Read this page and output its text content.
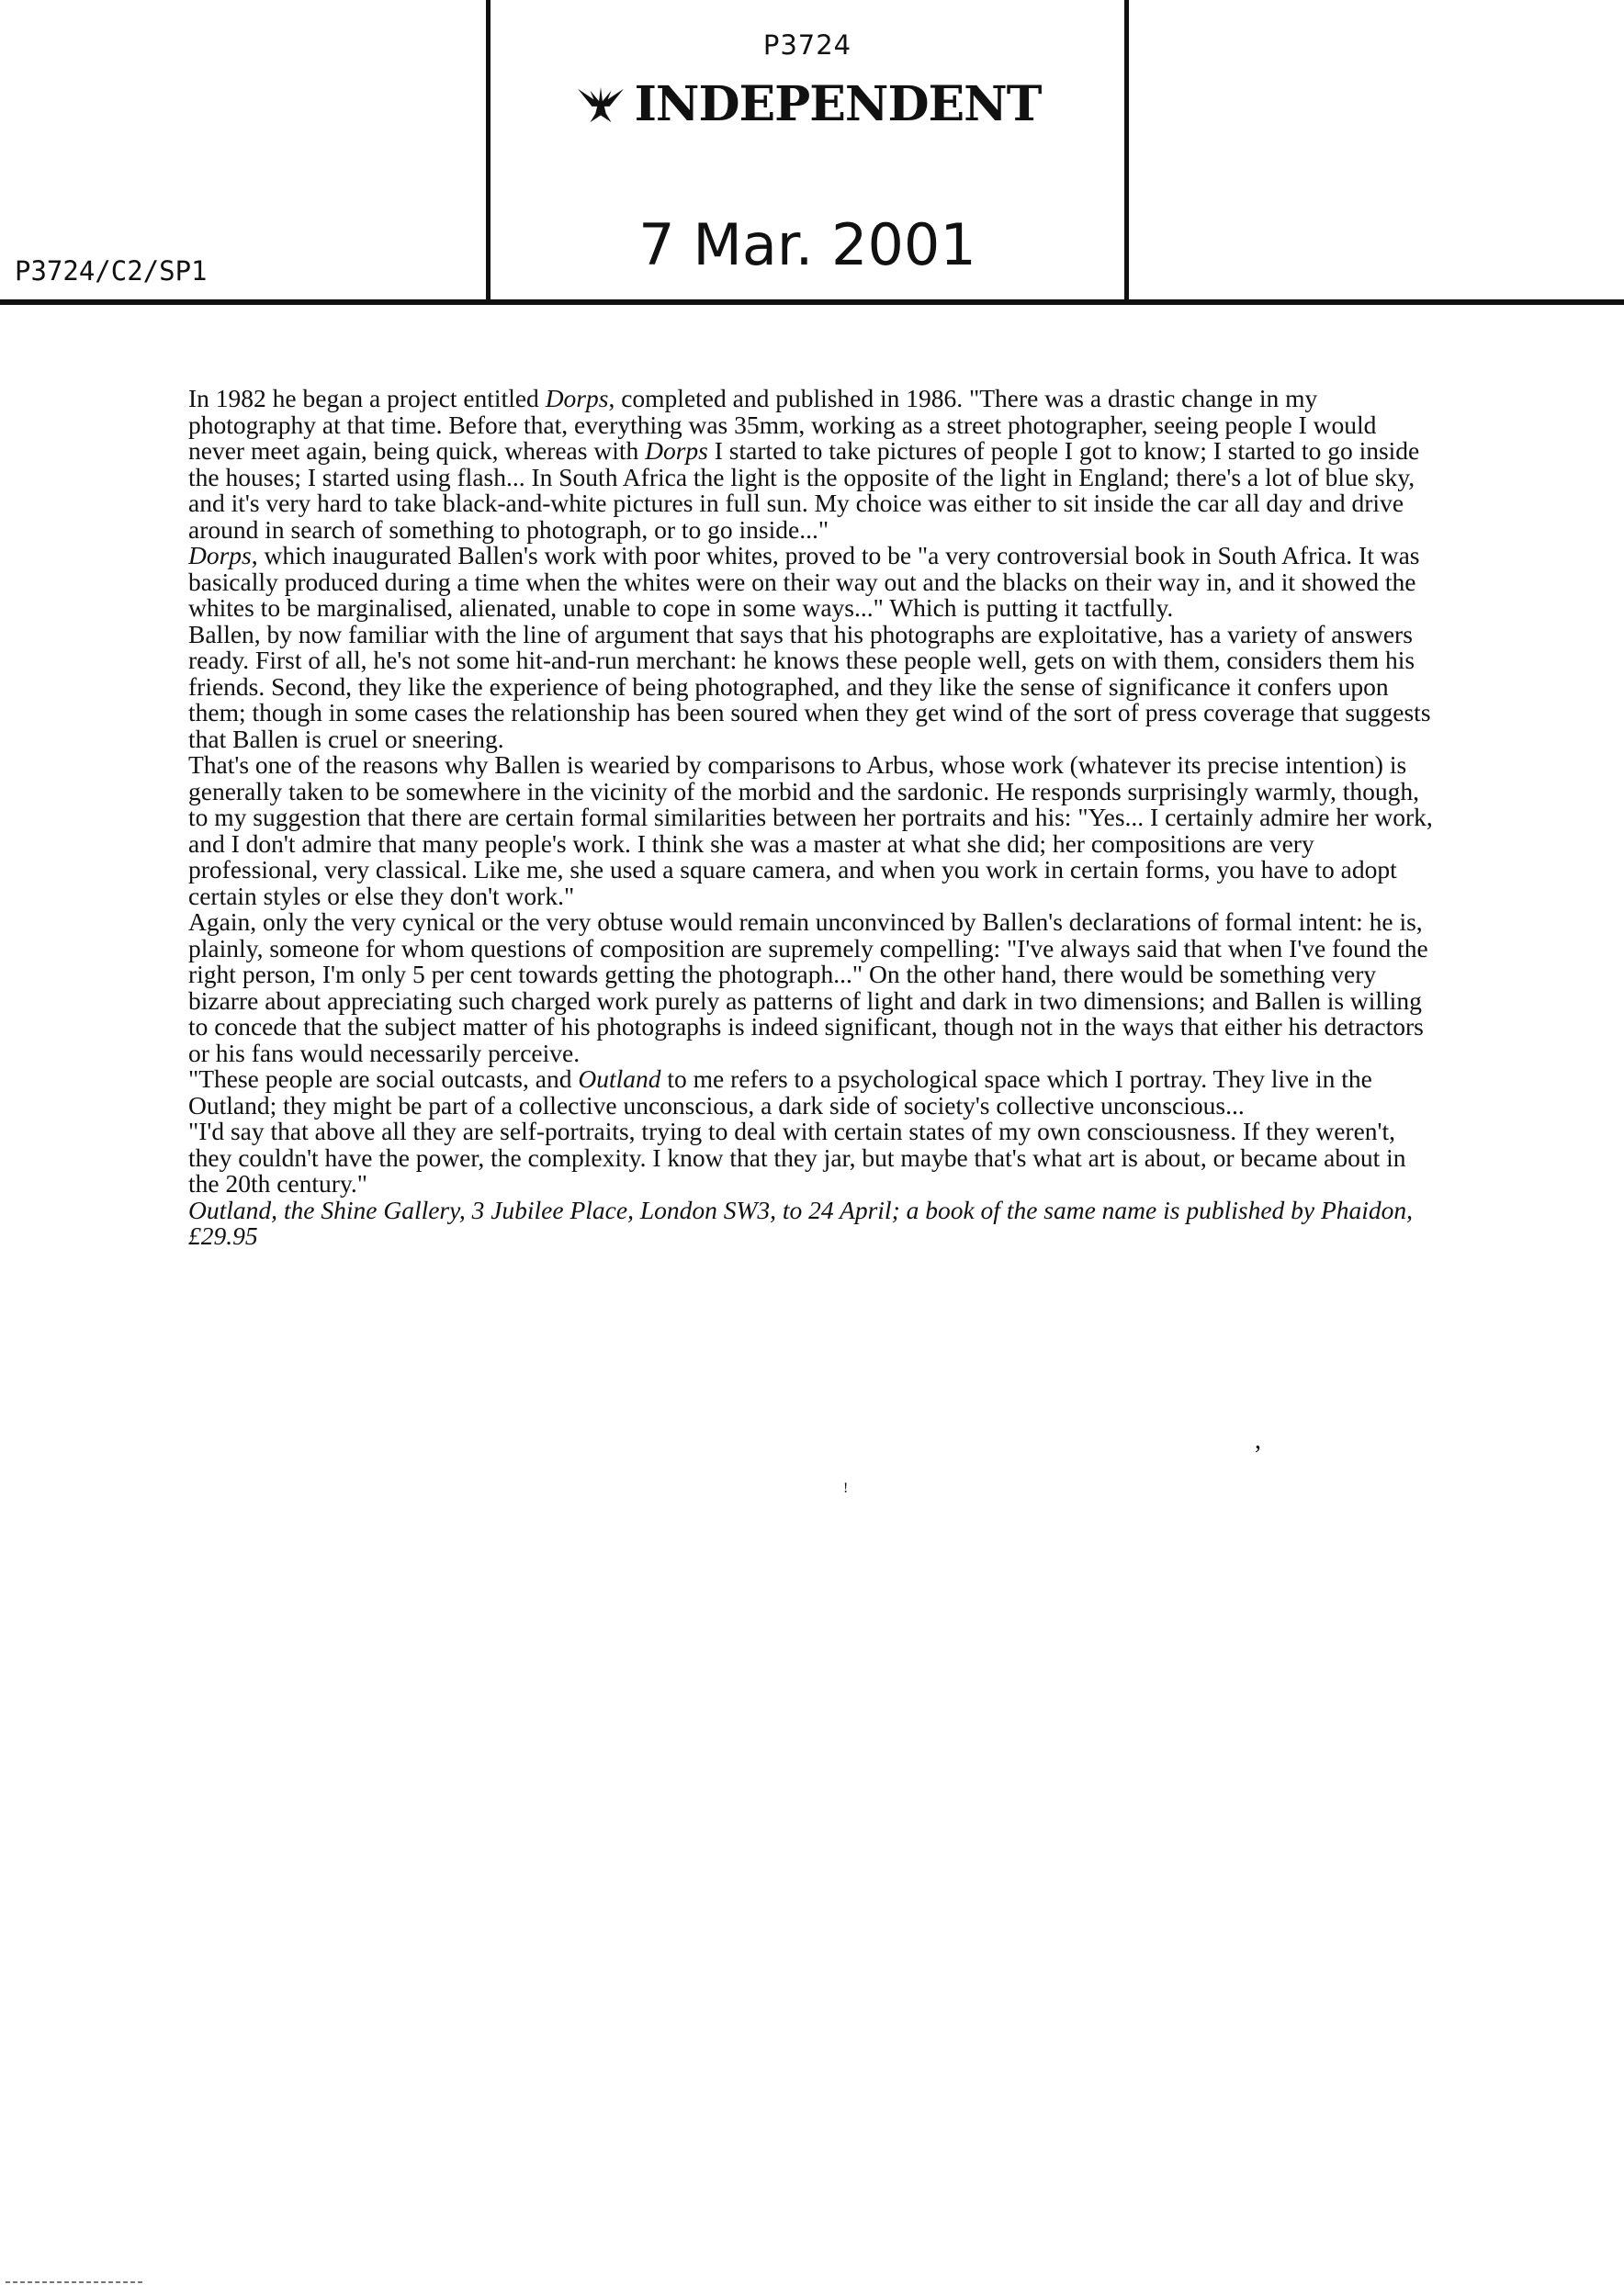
P3724
INDEPENDENT
P3724/C2/SP1	7 Mar. 2001

In 1982 he began a project entitled Dorps, completed and published in 1986. "There was a drastic change in my photography at that time. Before that, everything was 35mm, working as a street photographer, seeing people I would never meet again, being quick, whereas with Dorps I started to take pictures of people I got to know; I started to go inside the houses; I started using flash... In South Africa the light is the opposite of the light in England; there's a lot of blue sky, and it's very hard to take black-and-white pictures in full sun. My choice was either to sit inside the car all day and drive around in search of something to photograph, or to go inside..."

Dorps, which inaugurated Ballen's work with poor whites, proved to be "a very controversial book in South Africa. It was basically produced during a time when the whites were on their way out and the blacks on their way in, and it showed the whites to be marginalised, alienated, unable to cope in some ways..." Which is putting it tactfully.

Ballen, by now familiar with the line of argument that says that his photographs are exploitative, has a variety of answers ready. First of all, he's not some hit-and-run merchant: he knows these people well, gets on with them, considers them his friends. Second, they like the experience of being photographed, and they like the sense of significance it confers upon them; though in some cases the relationship has been soured when they get wind of the sort of press coverage that suggests that Ballen is cruel or sneering.

That's one of the reasons why Ballen is wearied by comparisons to Arbus, whose work (whatever its precise intention) is generally taken to be somewhere in the vicinity of the morbid and the sardonic. He responds surprisingly warmly, though, to my suggestion that there are certain formal similarities between her portraits and his: "Yes... I certainly admire her work, and I don't admire that many people's work. I think she was a master at what she did; her compositions are very professional, very classical. Like me, she used a square camera, and when you work in certain forms, you have to adopt certain styles or else they don't work."

Again, only the very cynical or the very obtuse would remain unconvinced by Ballen's declarations of formal intent: he is, plainly, someone for whom questions of composition are supremely compelling: "I've always said that when I've found the right person, I'm only 5 per cent towards getting the photograph..." On the other hand, there would be something very bizarre about appreciating such charged work purely as patterns of light and dark in two dimensions; and Ballen is willing to concede that the subject matter of his photographs is indeed significant, though not in the ways that either his detractors or his fans would necessarily perceive.

"These people are social outcasts, and Outland to me refers to a psychological space which I portray. They live in the Outland; they might be part of a collective unconscious, a dark side of society's collective unconscious...

"I'd say that above all they are self-portraits, trying to deal with certain states of my own consciousness. If they weren't, they couldn't have the power, the complexity. I know that they jar, but maybe that's what art is about, or became about in the 20th century."

Outland, the Shine Gallery, 3 Jubilee Place, London SW3, to 24 April; a book of the same name is published by Phaidon, £29.95

,
!
